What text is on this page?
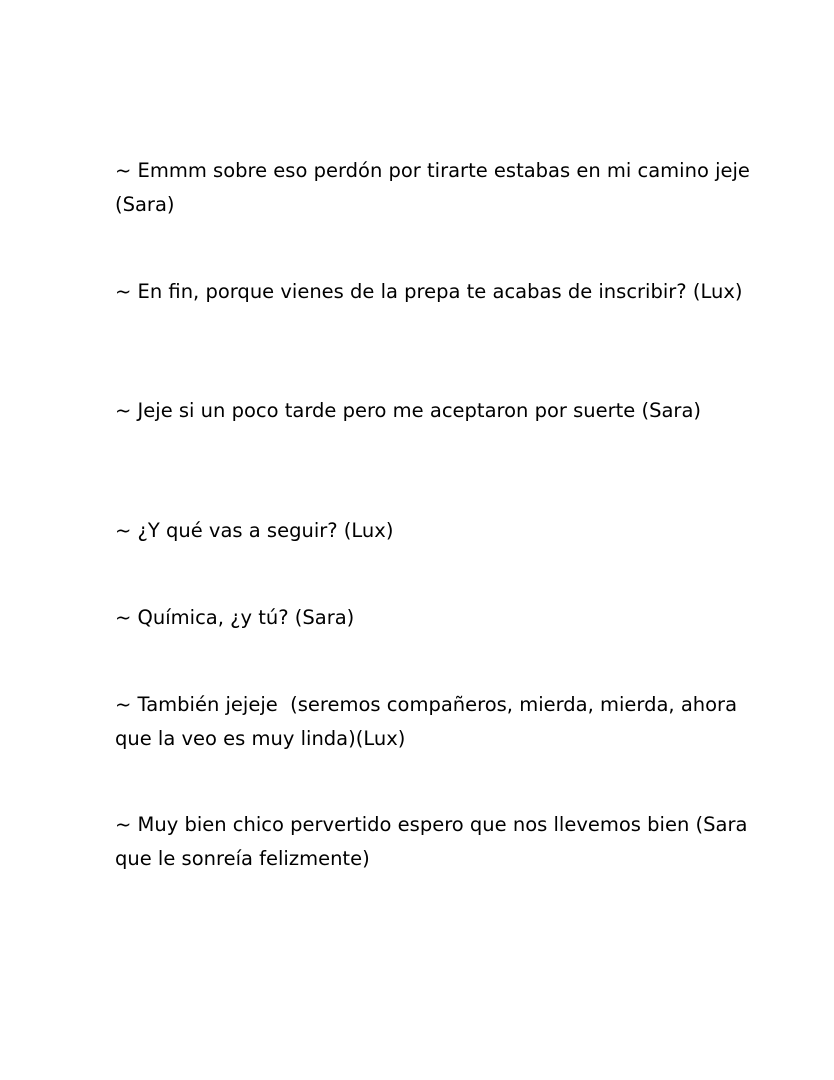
~ Emmm sobre eso perdón por tirarte estabas en mi camino jeje (Sara)

~ En fin, porque vienes de la prepa te acabas de inscribir? (Lux)

~ Jeje si un poco tarde pero me aceptaron por suerte (Sara)

~ ¿Y qué vas a seguir? (Lux)

~ Química, ¿y tú? (Sara)

~ También jejeje  (seremos compañeros, mierda, mierda, ahora que la veo es muy linda)(Lux)

~ Muy bien chico pervertido espero que nos llevemos bien (Sara que le sonreía felizmente)
